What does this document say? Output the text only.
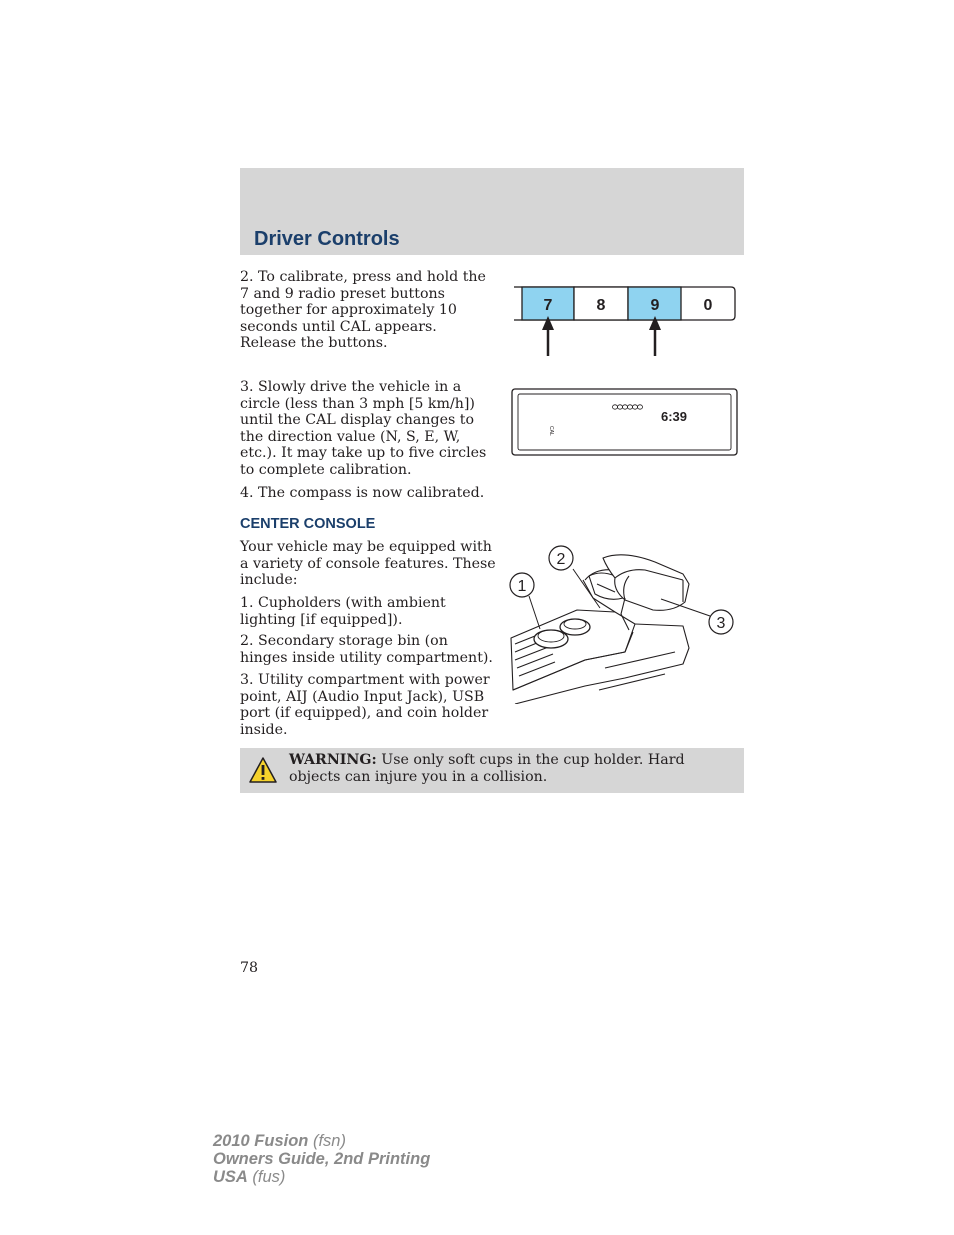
Driver Controls

2. To calibrate, press and hold the 7 and 9 radio preset buttons together for approximately 10 seconds until CAL appears. Release the buttons.

7	8	9	0

3. Slowly drive the vehicle in a circle (less than 3 mph [5 km/h]) until the CAL display changes to the direction value (N, S, E, W, etc.). It may take up to five circles to complete calibration.

6:39
CAL

4. The compass is now calibrated.

CENTER CONSOLE

Your vehicle may be equipped with a variety of console features. These include:

1. Cupholders (with ambient lighting [if equipped]).

2. Secondary storage bin (on hinges inside utility compartment).

3. Utility compartment with power point, AIJ (Audio Input Jack), USB port (if equipped), and coin holder inside.

1
2
3

WARNING: Use only soft cups in the cup holder. Hard objects can injure you in a collision.

78
2010 Fusion (fsn)
Owners Guide, 2nd Printing
USA (fus)
